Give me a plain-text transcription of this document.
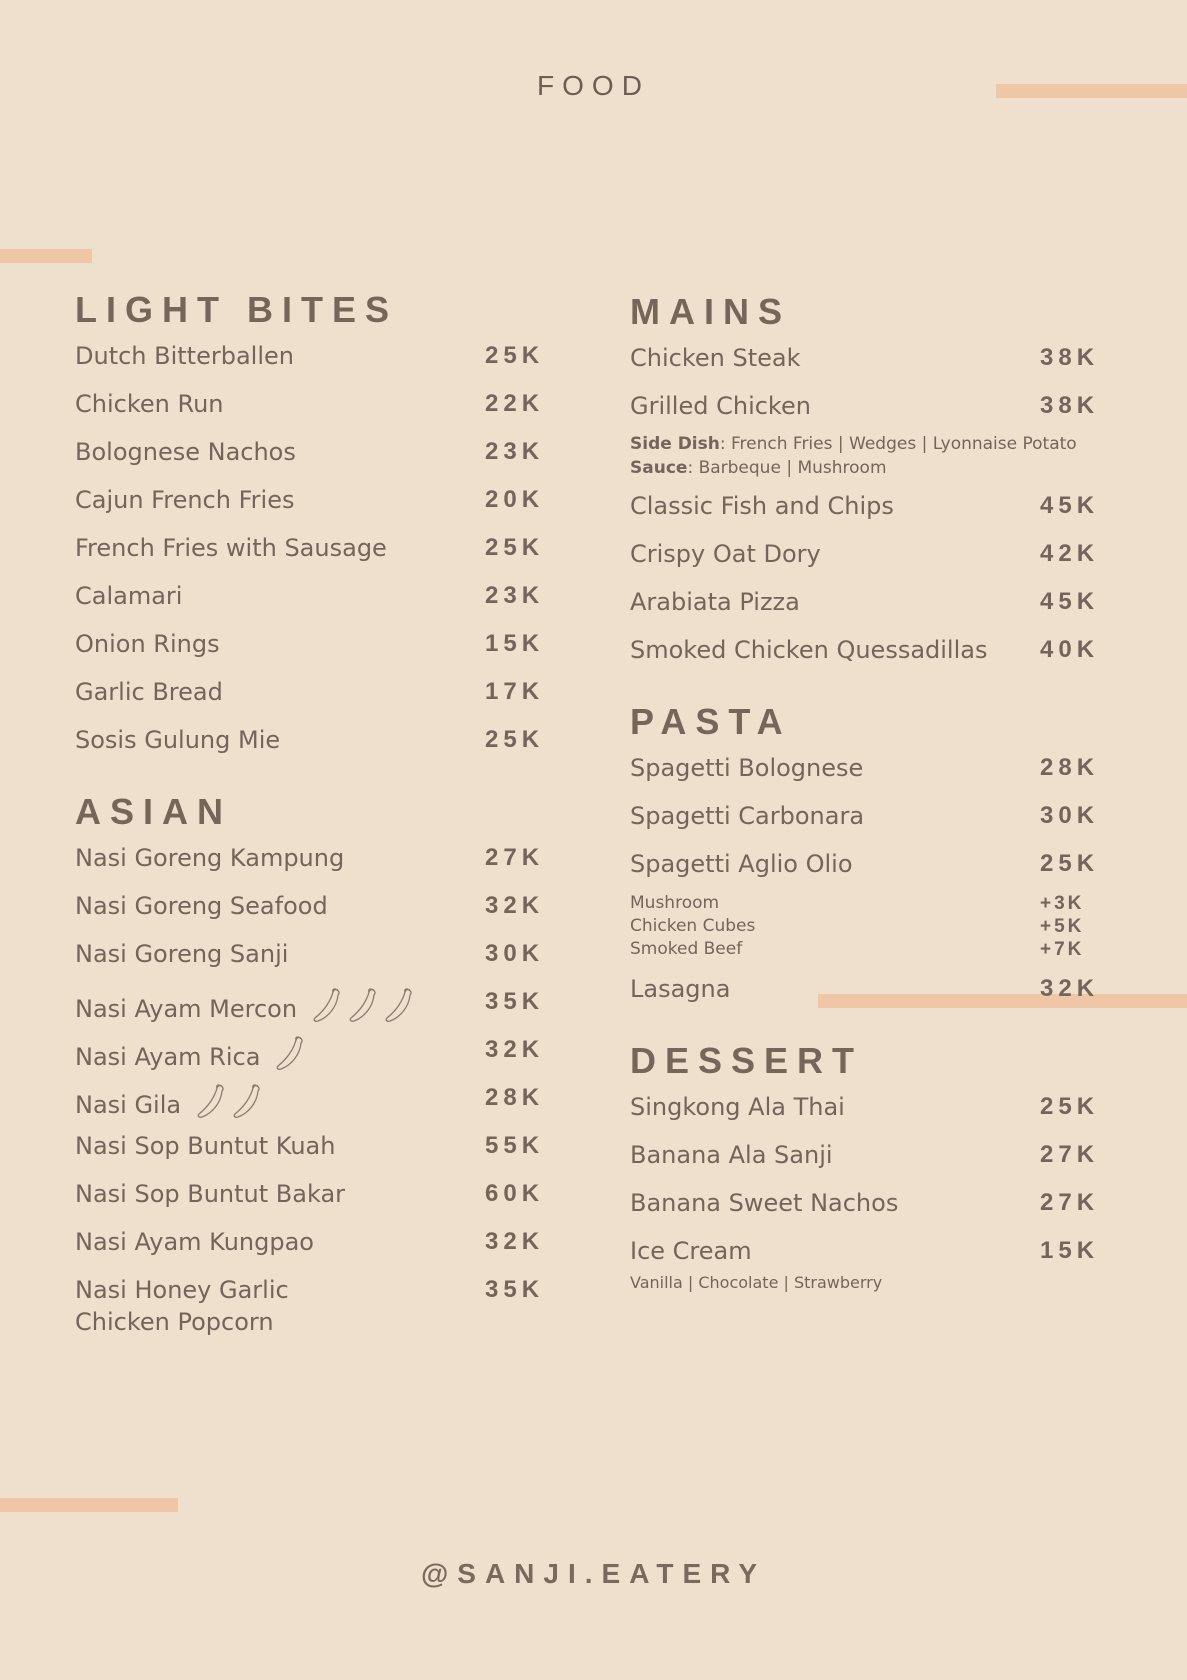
FOOD
LIGHT BITES
Dutch Bitterballen	25K
Chicken Run	22K
Bolognese Nachos	23K
Cajun French Fries	20K
French Fries with Sausage	25K
Calamari	23K
Onion Rings	15K
Garlic Bread	17K
Sosis Gulung Mie	25K
ASIAN
Nasi Goreng Kampung	27K
Nasi Goreng Seafood	32K
Nasi Goreng Sanji	30K
Nasi Ayam Mercon	35K
Nasi Ayam Rica	32K
Nasi Gila	28K
Nasi Sop Buntut Kuah	55K
Nasi Sop Buntut Bakar	60K
Nasi Ayam Kungpao	32K
Nasi Honey Garlic
Chicken Popcorn
35K
MAINS
Chicken Steak	38K
Grilled Chicken	38K
Side Dish: French Fries | Wedges | Lyonnaise Potato
Sauce: Barbeque | Mushroom
Classic Fish and Chips	45K
Crispy Oat Dory	42K
Arabiata Pizza	45K
Smoked Chicken Quessadillas 40K
PASTA
Spagetti Bolognese	28K
Spagetti Carbonara	30K
Spagetti Aglio Olio	25K
Mushroom	+3K
Chicken Cubes	+5K
Smoked Beef	+7K
Lasagna	32K
DESSERT
Singkong Ala Thai	25K
Banana Ala Sanji	27K
Banana Sweet Nachos	27K
Ice Cream	15K
Vanilla | Chocolate | Strawberry
@SANJI.EATERY
